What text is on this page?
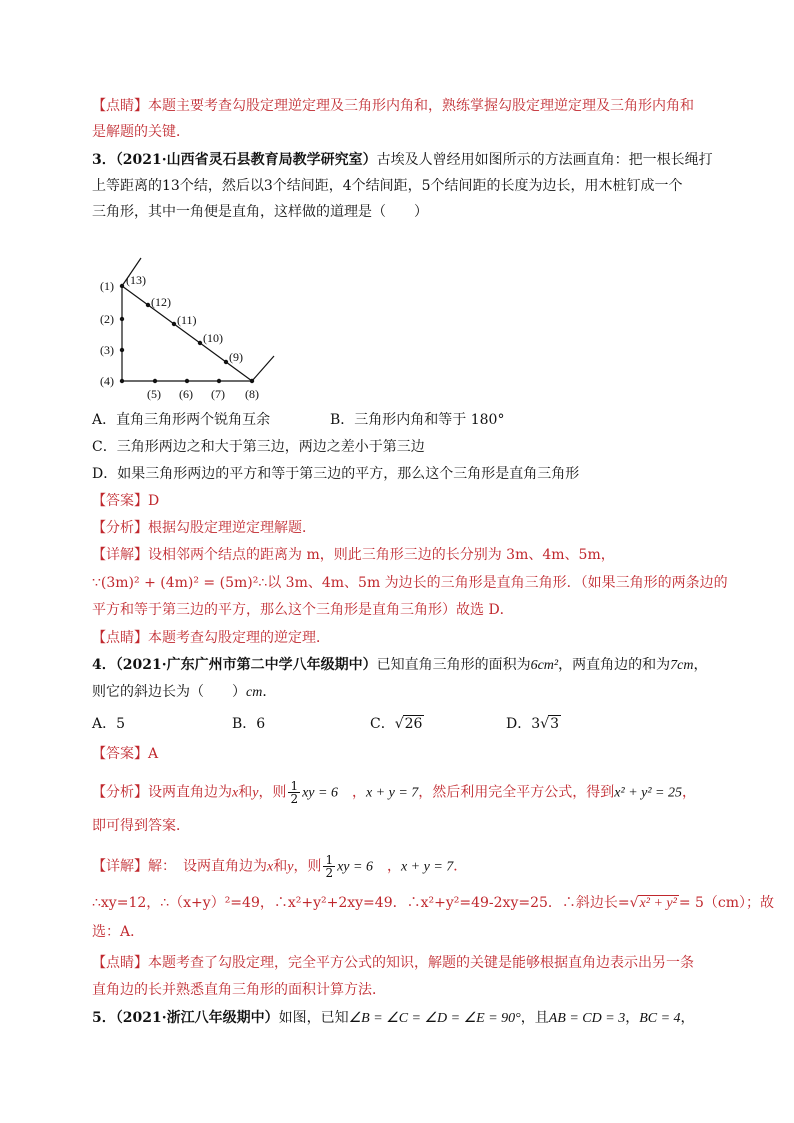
【点睛】本题主要考查勾股定理逆定理及三角形内角和，熟练掌握勾股定理逆定理及三角形内角和
是解题的关键．
3．（2021·山西省灵石县教育局教学研究室）古埃及人曾经用如图所示的方法画直角：把一根长绳打
上等距离的13个结，然后以3个结间距，4个结间距，5个结间距的长度为边长，用木桩钉成一个
三角形，其中一角便是直角，这样做的道理是（　　）
(1)
(2)
(3)
(4)
(5) (6) (7) (8)
(9)
(10)
(11)
(12)
(13)
A．直角三角形两个锐角互余	B．三角形内角和等于 180°
C．三角形两边之和大于第三边，两边之差小于第三边
D．如果三角形两边的平方和等于第三边的平方，那么这个三角形是直角三角形
【答案】D
【分析】根据勾股定理逆定理解题．
【详解】设相邻两个结点的距离为 m，则此三角形三边的长分别为 3m、4m、5m，
∵(3m)² + (4m)² = (5m)²∴以 3m、4m、5m 为边长的三角形是直角三角形．（如果三角形的两条边的
平方和等于第三边的平方，那么这个三角形是直角三角形）故选 D．
【点睛】本题考查勾股定理的逆定理．
4．（2021·广东广州市第二中学八年级期中）已知直角三角形的面积为6cm²，两直角边的和为7cm，
则它的斜边长为（　　）cm．
A．5	B．6	C．√26	D．3√3
【答案】A
【分析】设两直角边为x和y，则 $\frac{1}{2}$ xy = 6　，x + y = 7，然后利用完全平方公式，得到x² + y² = 25，
即可得到答案．
【详解】解：　设两直角边为x和y，则 $\frac{1}{2}$ xy = 6　，x + y = 7．
∴xy=12，∴（x+y）²=49，∴x²+y²+2xy=49．∴x²+y²=49-2xy=25．∴斜边长=√x² + y² = 5（cm）；故
选：A．
【点睛】本题考查了勾股定理，完全平方公式的知识，解题的关键是能够根据直角边表示出另一条
直角边的长并熟悉直角三角形的面积计算方法．
5．（2021·浙江八年级期中）如图，已知∠B = ∠C = ∠D = ∠E = 90°，且AB = CD = 3，BC = 4，
